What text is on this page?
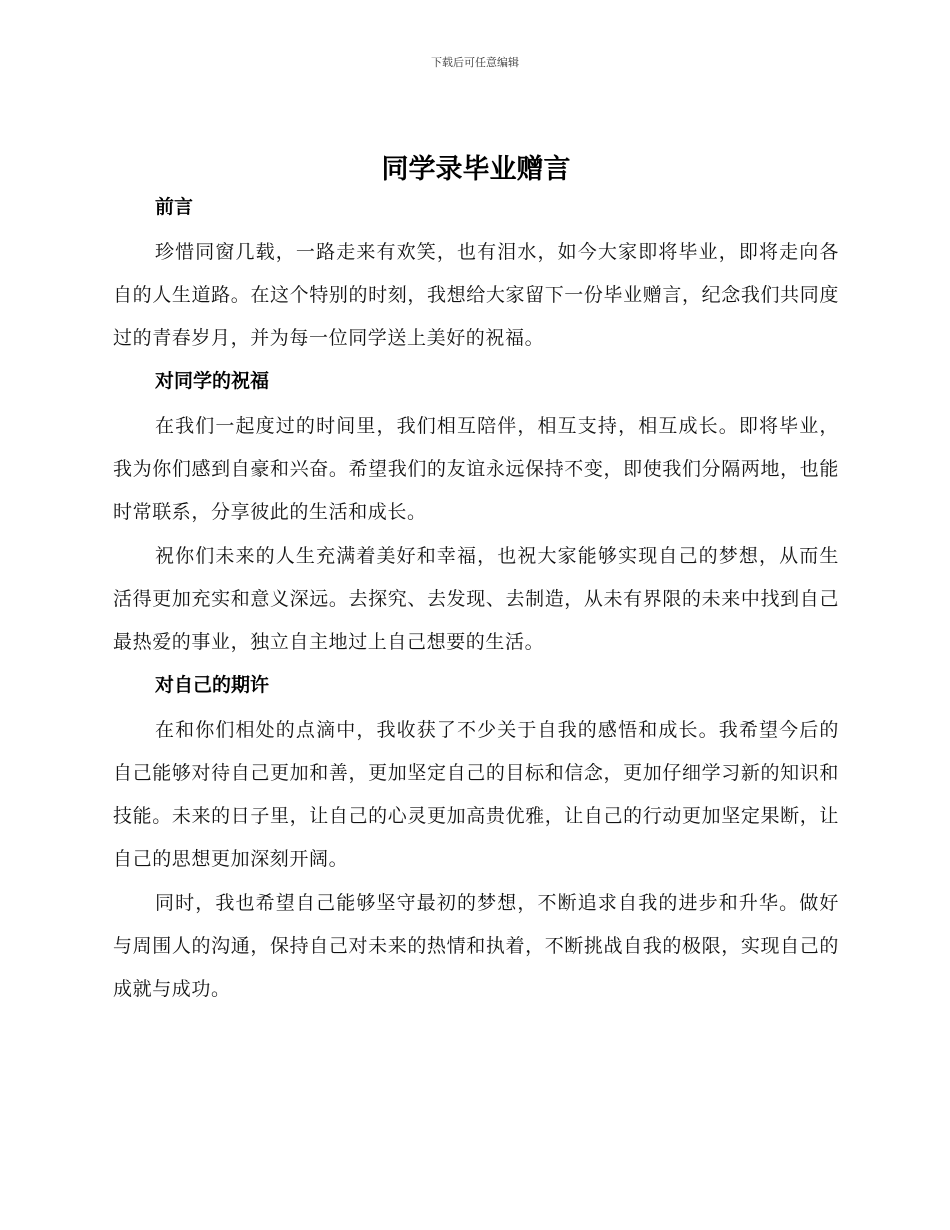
下载后可任意编辑
同学录毕业赠言
前言

珍惜同窗几载，一路走来有欢笑，也有泪水，如今大家即将毕业，即将走向各自的人生道路。在这个特别的时刻，我想给大家留下一份毕业赠言，纪念我们共同度过的青春岁月，并为每一位同学送上美好的祝福。

对同学的祝福

在我们一起度过的时间里，我们相互陪伴，相互支持，相互成长。即将毕业，我为你们感到自豪和兴奋。希望我们的友谊永远保持不变，即使我们分隔两地，也能时常联系，分享彼此的生活和成长。

祝你们未来的人生充满着美好和幸福，也祝大家能够实现自己的梦想，从而生活得更加充实和意义深远。去探究、去发现、去制造，从未有界限的未来中找到自己最热爱的事业，独立自主地过上自己想要的生活。

对自己的期许

在和你们相处的点滴中，我收获了不少关于自我的感悟和成长。我希望今后的自己能够对待自己更加和善，更加坚定自己的目标和信念，更加仔细学习新的知识和技能。未来的日子里，让自己的心灵更加高贵优雅，让自己的行动更加坚定果断，让自己的思想更加深刻开阔。

同时，我也希望自己能够坚守最初的梦想，不断追求自我的进步和升华。做好与周围人的沟通，保持自己对未来的热情和执着，不断挑战自我的极限，实现自己的成就与成功。
